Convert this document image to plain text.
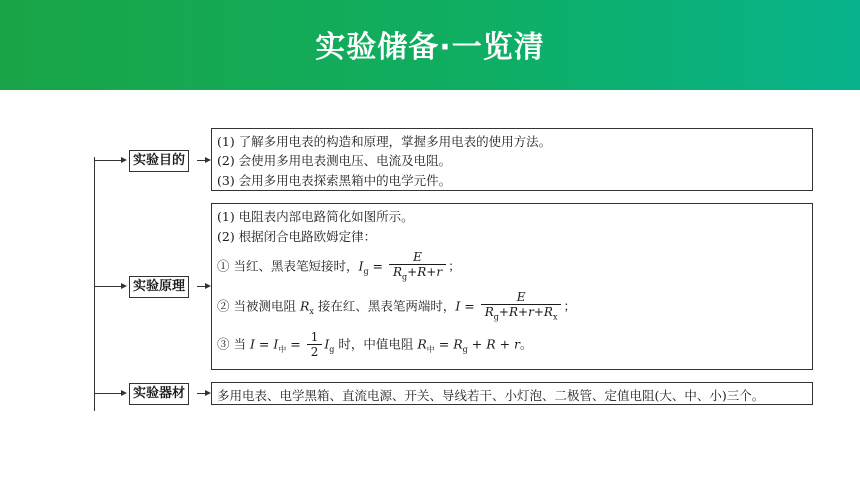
实验储备·一览清
实验目的
(1) 了解多用电表的构造和原理，掌握多用电表的使用方法。
(2) 会使用多用电表测电压、电流及电阻。
(3) 会用多用电表探索黑箱中的电学元件。
实验原理
(1) 电阻表内部电路简化如图所示。
(2) 根据闭合电路欧姆定律：
① 当红、黑表笔短接时，$I_g = \frac{E}{R_g+R+r}$ ；
② 当被测电阻 $R_x$ 接在红、黑表笔两端时，$I = \frac{E}{R_g+R+r+R_x}$ ；
③ 当 $I = I_中 = \frac{1}{2} I_g$ 时，中值电阻 $R_中 = R_g + R + r$。
实验器材	多用电表、电学黑箱、直流电源、开关、导线若干、小灯泡、二极管、定值电阻(大、中、小)三个。
